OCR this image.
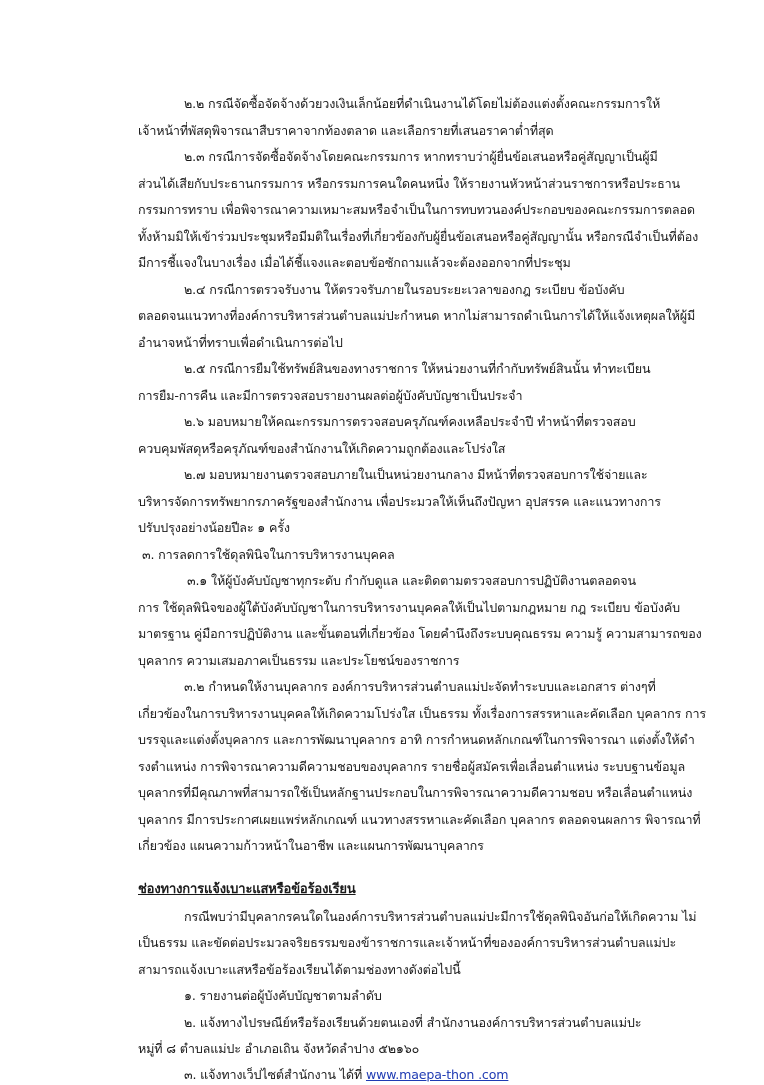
๒.๒ กรณีจัดซื้อจัดจ้างด้วยวงเงินเล็กน้อยที่ดำเนินงานได้โดยไม่ต้องแต่งตั้งคณะกรรมการให้
เจ้าหน้าที่พัสดุพิจารณาสืบราคาจากท้องตลาด และเลือกรายที่เสนอราคาต่ำที่สุด
๒.๓ กรณีการจัดซื้อจัดจ้างโดยคณะกรรมการ หากทราบว่าผู้ยื่นข้อเสนอหรือคู่สัญญาเป็นผู้มี
ส่วนได้เสียกับประธานกรรมการ หรือกรรมการคนใดคนหนึ่ง ให้รายงานหัวหน้าส่วนราชการหรือประธาน
กรรมการทราบ เพื่อพิจารณาความเหมาะสมหรือจำเป็นในการทบทวนองค์ประกอบของคณะกรรมการตลอด
ทั้งห้ามมิให้เข้าร่วมประชุมหรือมีมติในเรื่องที่เกี่ยวข้องกับผู้ยื่นข้อเสนอหรือคู่สัญญานั้น หรือกรณีจำเป็นที่ต้อง
มีการชี้แจงในบางเรื่อง เมื่อได้ชี้แจงและตอบข้อซักถามแล้วจะต้องออกจากที่ประชุม
๒.๔ กรณีการตรวจรับงาน ให้ตรวจรับภายในรอบระยะเวลาของกฎ ระเบียบ ข้อบังคับ
ตลอดจนแนวทางที่องค์การบริหารส่วนตำบลแม่ปะกำหนด หากไม่สามารถดำเนินการได้ให้แจ้งเหตุผลให้ผู้มี
อำนาจหน้าที่ทราบเพื่อดำเนินการต่อไป
๒.๕ กรณีการยืมใช้ทรัพย์สินของทางราชการ ให้หน่วยงานที่กำกับทรัพย์สินนั้น ทำทะเบียน
การยืม-การคืน และมีการตรวจสอบรายงานผลต่อผู้บังคับบัญชาเป็นประจำ
๒.๖ มอบหมายให้คณะกรรมการตรวจสอบครุภัณฑ์คงเหลือประจำปี ทำหน้าที่ตรวจสอบ
ควบคุมพัสดุหรือครุภัณฑ์ของสำนักงานให้เกิดความถูกต้องและโปร่งใส
๒.๗ มอบหมายงานตรวจสอบภายในเป็นหน่วยงานกลาง มีหน้าที่ตรวจสอบการใช้จ่ายและ
บริหารจัดการทรัพยากรภาครัฐของสำนักงาน เพื่อประมวลให้เห็นถึงปัญหา อุปสรรค และแนวทางการ
ปรับปรุงอย่างน้อยปีละ ๑ ครั้ง
๓. การลดการใช้ดุลพินิจในการบริหารงานบุคคล
๓.๑ ให้ผู้บังคับบัญชาทุกระดับ กำกับดูแล และติดตามตรวจสอบการปฏิบัติงานตลอดจน
การ ใช้ดุลพินิจของผู้ใต้บังคับบัญชาในการบริหารงานบุคคลให้เป็นไปตามกฎหมาย กฎ ระเบียบ ข้อบังคับ
มาตรฐาน คู่มือการปฏิบัติงาน และขั้นตอนที่เกี่ยวข้อง โดยคำนึงถึงระบบคุณธรรม ความรู้ ความสามารถของ
บุคลากร ความเสมอภาคเป็นธรรม และประโยชน์ของราชการ
๓.๒ กำหนดให้งานบุคลากร องค์การบริหารส่วนตำบลแม่ปะจัดทำระบบและเอกสาร ต่างๆที่
เกี่ยวข้องในการบริหารงานบุคคลให้เกิดความโปร่งใส เป็นธรรม ทั้งเรื่องการสรรหาและคัดเลือก บุคลากร การ
บรรจุและแต่งตั้งบุคลากร และการพัฒนาบุคลากร อาทิ การกำหนดหลักเกณฑ์ในการพิจารณา แต่งตั้งให้ดำ
รงตำแหน่ง การพิจารณาความดีความชอบของบุคลากร รายชื่อผู้สมัครเพื่อเลื่อนตำแหน่ง ระบบฐานข้อมูล
บุคลากรที่มีคุณภาพที่สามารถใช้เป็นหลักฐานประกอบในการพิจารณาความดีความชอบ หรือเลื่อนตำแหน่ง
บุคลากร มีการประกาศเผยแพร่หลักเกณฑ์ แนวทางสรรหาและคัดเลือก บุคลากร ตลอดจนผลการ พิจารณาที่
เกี่ยวข้อง แผนความก้าวหน้าในอาชีพ และแผนการพัฒนาบุคลากร
ช่องทางการแจ้งเบาะแสหรือข้อร้องเรียน
กรณีพบว่ามีบุคลากรคนใดในองค์การบริหารส่วนตำบลแม่ปะมีการใช้ดุลพินิจอันก่อให้เกิดความ ไม่
เป็นธรรม และขัดต่อประมวลจริยธรรมของข้าราชการและเจ้าหน้าที่ขององค์การบริหารส่วนตำบลแม่ปะ
สามารถแจ้งเบาะแสหรือข้อร้องเรียนได้ตามช่องทางดังต่อไปนี้
๑. รายงานต่อผู้บังคับบัญชาตามลำดับ
๒. แจ้งทางไปรษณีย์หรือร้องเรียนด้วยตนเองที่ สำนักงานองค์การบริหารส่วนตำบลแม่ปะ
หมู่ที่ ๘ ตำบลแม่ปะ อำเภอเถิน จังหวัดลำปาง ๕๒๑๖๐
๓. แจ้งทางเว็ปไซต์สำนักงาน ได้ที่ www.maepa-thon .com
